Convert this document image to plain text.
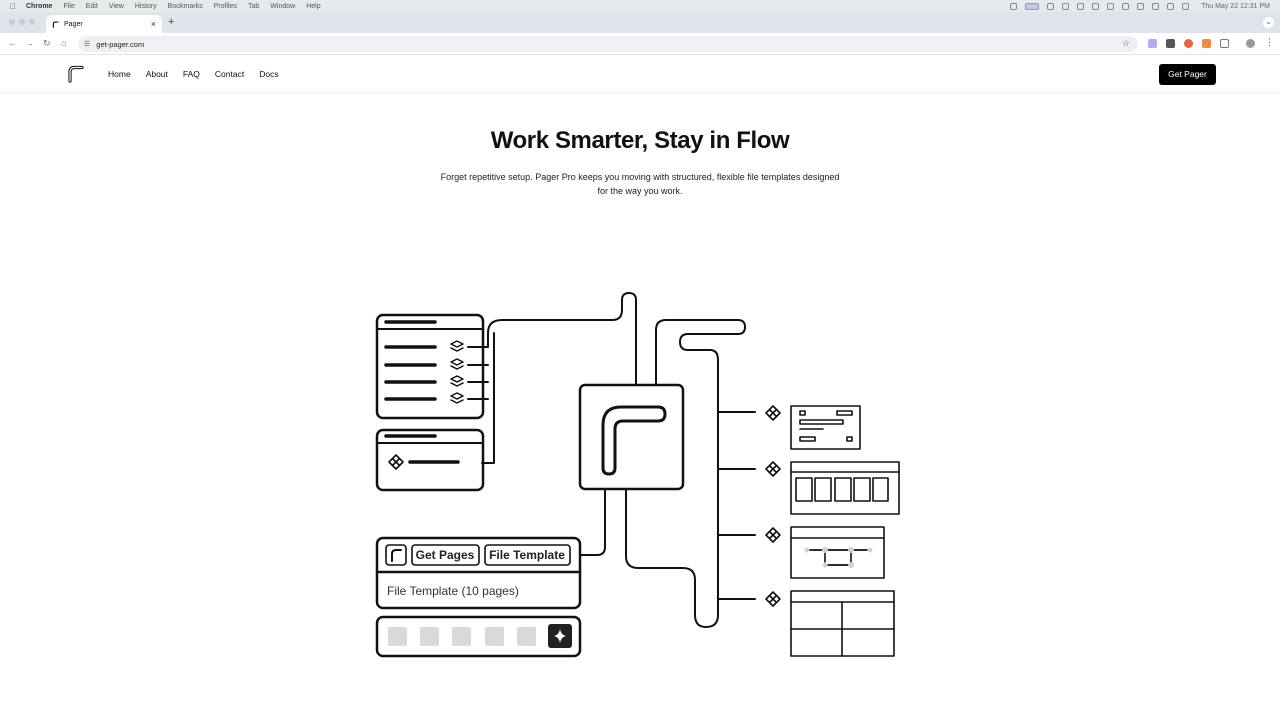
Chrome File Edit View History Bookmarks Profiles Tab Window Help	Thu May 22 12:31 PM
Pager	× +	⌄
← → ↻ ⌂	☰ get-pager.com	☆	⋮
Home About FAQ Contact Docs	Get Pager
Work Smarter, Stay in Flow

Forget repetitive setup. Pager Pro keeps you moving with structured, flexible file templates designed for the way you work.

Get Pages File Template
File Template (10 pages)
